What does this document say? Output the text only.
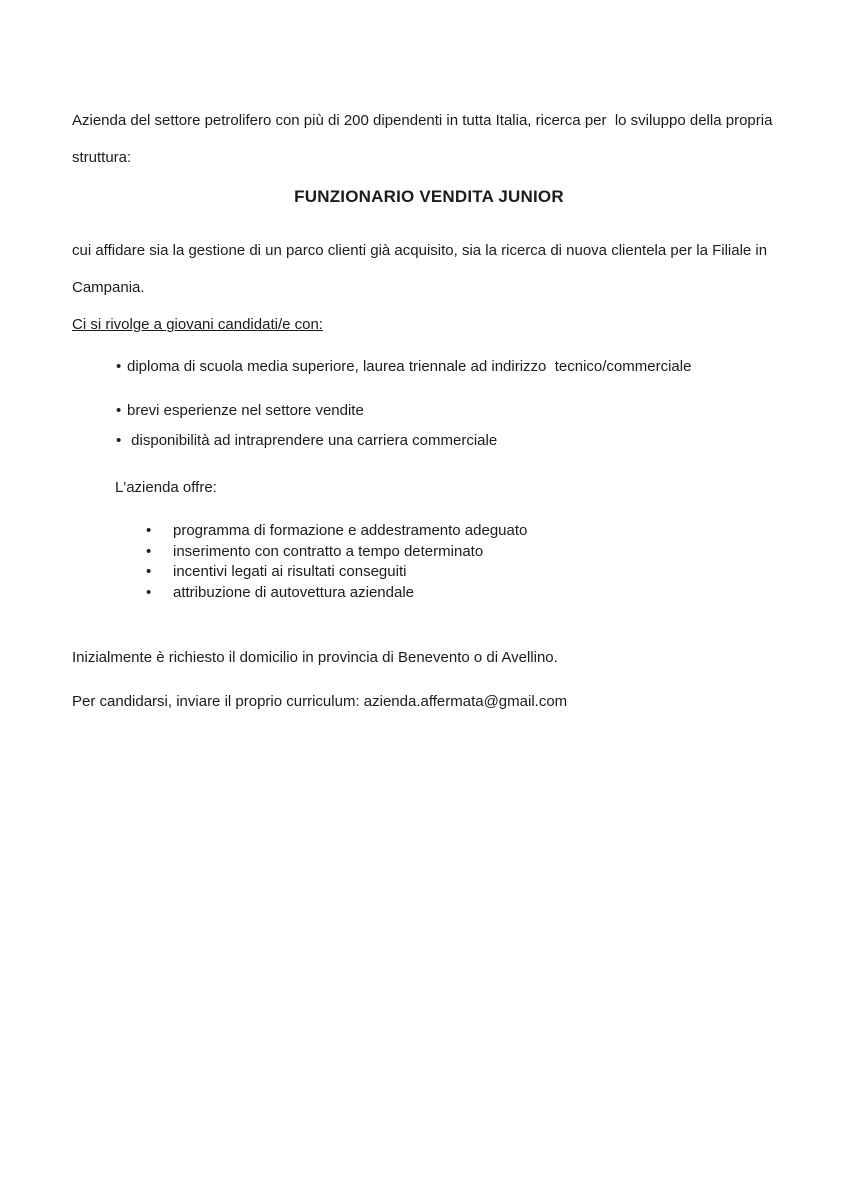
Azienda del settore petrolifero con più di 200 dipendenti in tutta Italia, ricerca per  lo sviluppo della propria struttura:

FUNZIONARIO VENDITA JUNIOR

cui affidare sia la gestione di un parco clienti già acquisito, sia la ricerca di nuova clientela per la Filiale in Campania.

Ci si rivolge a giovani candidati/e con:

• diploma di scuola media superiore, laurea triennale ad indirizzo  tecnico/commerciale
• brevi esperienze nel settore vendite
•  disponibilità ad intraprendere una carriera commerciale

L'azienda offre:

• programma di formazione e addestramento adeguato
• inserimento con contratto a tempo determinato
• incentivi legati ai risultati conseguiti
• attribuzione di autovettura aziendale

Inizialmente è richiesto il domicilio in provincia di Benevento o di Avellino.

Per candidarsi, inviare il proprio curriculum: azienda.affermata@gmail.com
